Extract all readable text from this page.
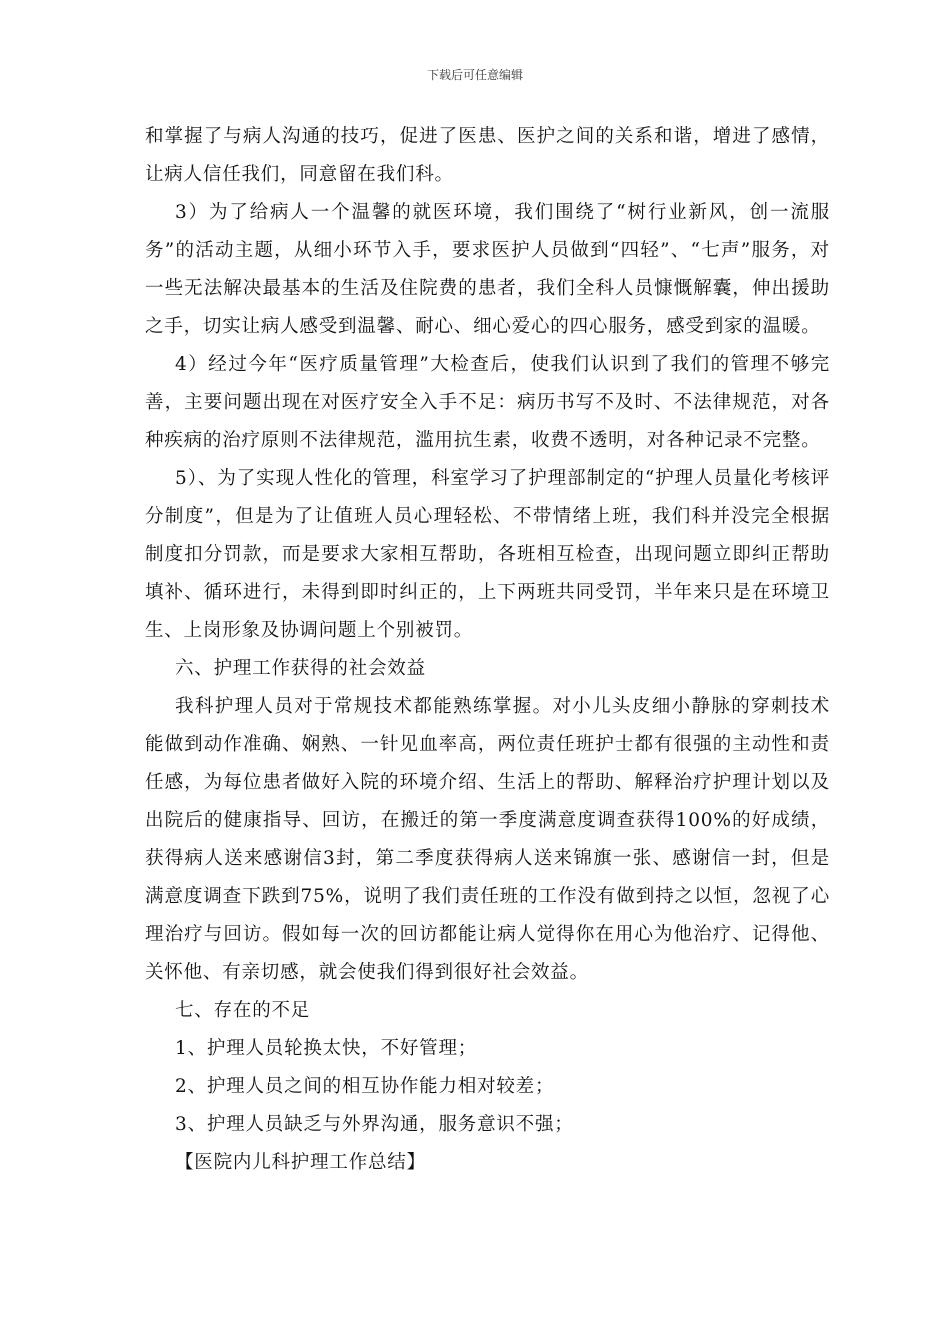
下载后可任意编辑

和掌握了与病人沟通的技巧，促进了医患、医护之间的关系和谐，增进了感情，让病人信任我们，同意留在我们科。

3）为了给病人一个温馨的就医环境，我们围绕了“树行业新风，创一流服务”的活动主题，从细小环节入手，要求医护人员做到“四轻”、“七声”服务，对一些无法解决最基本的生活及住院费的患者，我们全科人员慷慨解囊，伸出援助之手，切实让病人感受到温馨、耐心、细心爱心的四心服务，感受到家的温暖。

4）经过今年“医疗质量管理”大检查后，使我们认识到了我们的管理不够完善，主要问题出现在对医疗安全入手不足：病历书写不及时、不法律规范，对各种疾病的治疗原则不法律规范，滥用抗生素，收费不透明，对各种记录不完整。

5）、为了实现人性化的管理，科室学习了护理部制定的“护理人员量化考核评分制度”，但是为了让值班人员心理轻松、不带情绪上班，我们科并没完全根据制度扣分罚款，而是要求大家相互帮助，各班相互检查，出现问题立即纠正帮助填补、循环进行，未得到即时纠正的，上下两班共同受罚，半年来只是在环境卫生、上岗形象及协调问题上个别被罚。

六、护理工作获得的社会效益

我科护理人员对于常规技术都能熟练掌握。对小儿头皮细小静脉的穿刺技术能做到动作准确、娴熟、一针见血率高，两位责任班护士都有很强的主动性和责任感，为每位患者做好入院的环境介绍、生活上的帮助、解释治疗护理计划以及出院后的健康指导、回访，在搬迁的第一季度满意度调查获得100%的好成绩，获得病人送来感谢信3封，第二季度获得病人送来锦旗一张、感谢信一封，但是满意度调查下跌到75%，说明了我们责任班的工作没有做到持之以恒，忽视了心理治疗与回访。假如每一次的回访都能让病人觉得你在用心为他治疗、记得他、关怀他、有亲切感，就会使我们得到很好社会效益。

七、存在的不足

1、护理人员轮换太快，不好管理；

2、护理人员之间的相互协作能力相对较差；

3、护理人员缺乏与外界沟通，服务意识不强；

【医院内儿科护理工作总结】
